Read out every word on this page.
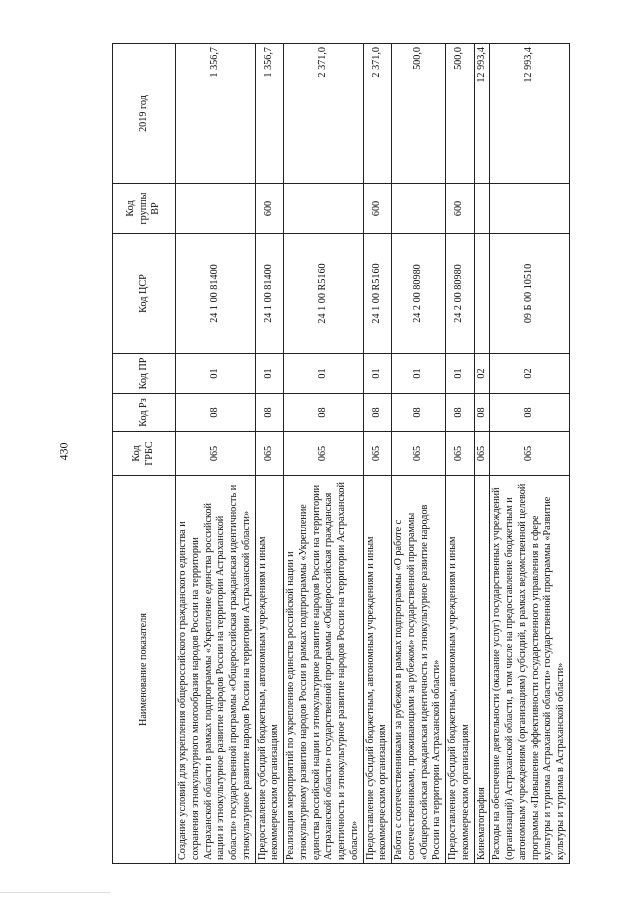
430
Наименование показателя	Код ГРБС	Код Рз	Код ПР	Код ЦСР	Код группы ВР	2019 год
Создание условий для укрепления общероссийского гражданского единства и сохранения этнокультурного многообразия народов России на территории Астраханской области в рамках подпрограммы «Укрепление единства российской нации и этнокультурное развитие народов России на территории Астраханской области» государственной программы «Общероссийская гражданская идентичность и этнокультурное развитие народов России на территории Астраханской области»	065	08	01	24 1 00 81400		1 356,7
Предоставление субсидий бюджетным, автономным учреждениям и иным некоммерческим организациям	065	08	01	24 1 00 81400	600	1 356,7
Реализация мероприятий по укреплению единства российской нации и этнокультурному развитию народов России в рамках подпрограммы «Укрепление единства российской нации и этнокультурное развитие народов России на территории Астраханской области» государственной программы «Общероссийская гражданская идентичность и этнокультурное развитие народов России на территории Астраханской области»	065	08	01	24 1 00 R5160		2 371,0
Предоставление субсидий бюджетным, автономным учреждениям и иным некоммерческим организациям	065	08	01	24 1 00 R5160	600	2 371,0
Работа с соотечественниками за рубежом в рамках подпрограммы «О работе с соотечественниками, проживающими за рубежом» государственной программы «Общероссийская гражданская идентичность и этнокультурное развитие народов России на территории Астраханской области»	065	08	01	24 2 00 80980		500,0
Предоставление субсидий бюджетным, автономным учреждениям и иным некоммерческим организациям	065	08	01	24 2 00 80980	600	500,0
Кинематография	065	08	02			12 993,4
Расходы на обеспечение деятельности (оказание услуг) государственных учреждений (организаций) Астраханской области, в том числе на предоставление бюджетным и автономным учреждениям (организациям) субсидий, в рамках ведомственной целевой программы «Повышение эффективности государственного управления в сфере культуры и туризма Астраханской области» государственной программы «Развитие культуры и туризма в Астраханской области»	065	08	02	09 Б 00 10510		12 993,4
